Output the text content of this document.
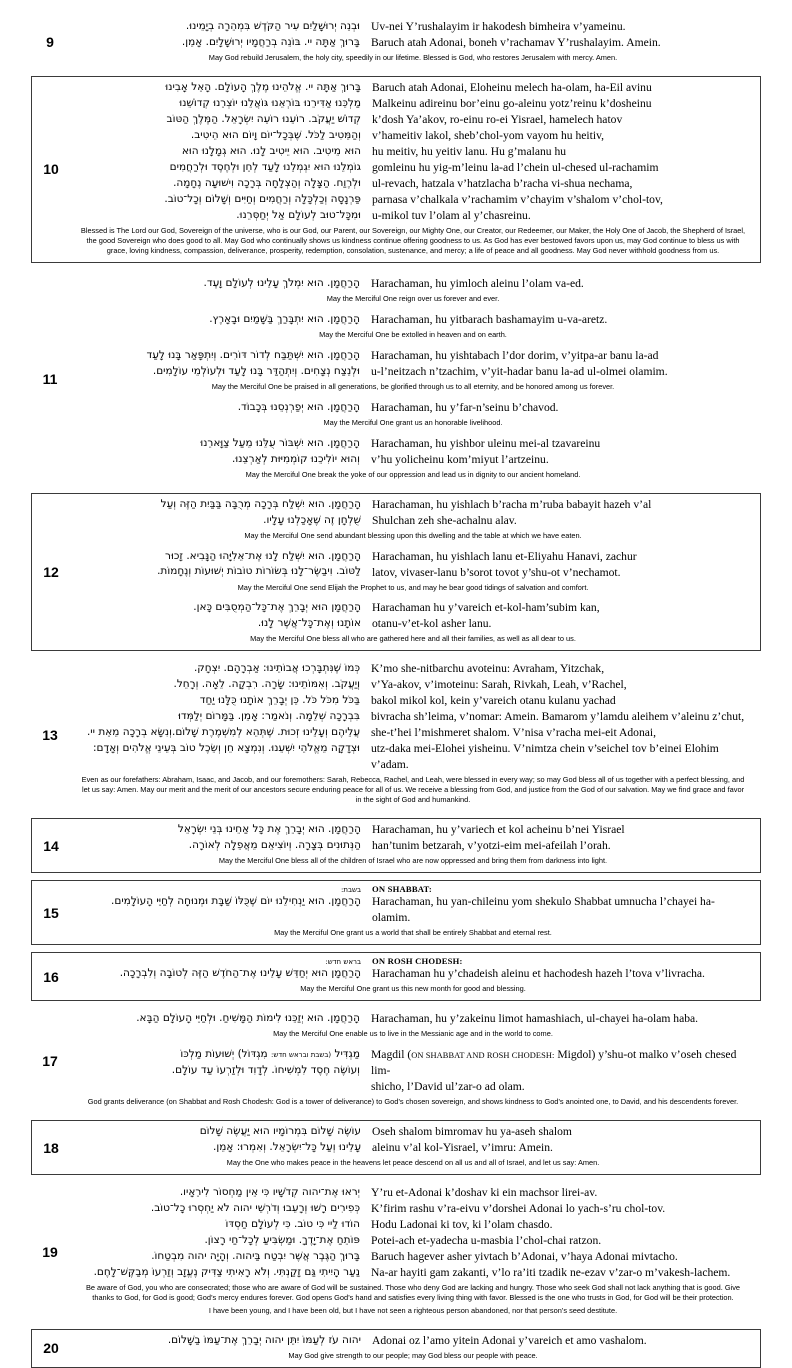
9
וּבְנֵה יְרוּשָׁלַיִם עִיר הַקֹּדֶשׁ בִּמְהֵרָה בְיָמֵינוּ.
בָּרוּךְ אַתָּה יי. בּוֹנֵה בְרַחֲמָיו יְרוּשָׁלָיִם. אָמֵן.
Uv-nei Y’rushalayim ir hakodesh bimheira v’yameinu.
Baruch atah Adonai, boneh v’rachamav Y’rushalayim. Amein.
May God rebuild Jerusalem, the holy city, speedily in our lifetime. Blessed is God, who restores Jerusalem with mercy. Amen.
10
בָּרוּךְ אַתָּה יי. אֱלֹהֵינוּ מֶלֶךְ הָעוֹלָם. הָאֵל אָבִינוּ
מַלְכֵּנוּ אַדִּירֵנוּ בּוֹרְאֵנוּ גּוֹאֲלֵנוּ יוֹצְרֵנוּ קְדוֹשֵׁנוּ
קְדוֹשׁ יַעֲקֹב. רוֹעֵנוּ רוֹעֵה יִשְׂרָאֵל. הַמֶּלֶךְ הַטּוֹב
וְהַמֵּטִיב לַכֹּל. שֶׁבְּכָל־יוֹם וָיוֹם הוּא הֵיטִיב.
הוּא מֵיטִיב. הוּא יֵיטִיב לָנוּ. הוּא גְמָלָנוּ הוּא
גוֹמְלֵנוּ הוּא יִגְמְלֵנוּ לָעַד לְחֵן וּלְחֶסֶד וּלְרַחֲמִים
וּלְרֶוַח. הַצָּלָה וְהַצְלָחָה בְּרָכָה וִישׁוּעָה נֶחָמָה.
פַּרְנָסָה וְכַלְכָּלָה וְרַחֲמִים וְחַיִּים וְשָׁלוֹם וְכָל־טוֹב.
וּמִכָּל־טוּב לְעוֹלָם אַל יְחַסְּרֵנוּ.
Baruch atah Adonai, Eloheinu melech ha-olam, ha-Eil avinu
Malkeinu adireinu bor’einu go-aleinu yotz’reinu k’dosheinu
k’dosh Ya’akov, ro-einu ro-ei Yisrael, hamelech hatov
v’hameitiv lakol, sheb’chol-yom vayom hu heitiv,
hu meitiv, hu yeitiv lanu. Hu g’malanu hu
gomleinu hu yig-m’leinu la-ad l’chein ul-chesed ul-rachamim
ul-revach, hatzala v’hatzlacha b’racha vi-shua nechama,
parnasa v’chalkala v’rachamim v’chayim v’shalom v’chol-tov,
u-mikol tuv l’olam al y’chasreinu.
Blessed is The Lord our God, Sovereign of the universe, who is our God, our Parent, our Sovereign, our Mighty One, our Creator, our Redeemer, our Maker, the Holy One of Jacob, the Shepherd of Israel, the good Sovereign who does good to all. May God who continually shows us kindness continue offering goodness to us. As God has ever bestowed favors upon us, may God continue to bless us with grace, loving kindness, compassion, deliverance, prosperity, redemption, consolation, sustenance, and mercy; a life of peace and all goodness. May God never withhold goodness from us.
11
הָרַחֲמָן. הוּא יִמְלֹךְ עָלֵינוּ לְעוֹלָם וָעֶד. Harachaman, hu yimloch aleinu l’olam va-ed.
May the Merciful One reign over us forever and ever.
הָרַחֲמָן. הוּא יִתְבָּרַךְ בַּשָּׁמַיִם וּבָאָרֶץ. Harachaman, hu yitbarach bashamayim u-va-aretz.
May the Merciful One be extolled in heaven and on earth.
הָרַחֲמָן. הוּא יִשְׁתַּבַּח לְדוֹר דּוֹרִים. וְיִתְפָּאַר בָּנוּ לָעַד
וּלְנֵצַח נְצָחִים. וְיִתְהַדַּר בָּנוּ לָעַד וּלְעוֹלְמֵי עוֹלָמִים.
Harachaman, hu yishtabach l’dor dorim, v’yitpa-ar banu la-ad
u-l’neitzach n’tzachim, v’yit-hadar banu la-ad ul-olmei olamim.
May the Merciful One be praised in all generations, be glorified through us to all eternity, and be honored among us forever.
הָרַחֲמָן. הוּא יְפַרְנְסֵנוּ בְּכָבוֹד. Harachaman, hu y’far-n’seinu b’chavod.
May the Merciful One grant us an honorable livelihood.
הָרַחֲמָן. הוּא יִשְׁבּוֹר עֻלֵּנוּ מֵעַל צַוָּארֵנוּ
וְהוּא יוֹלִיכֵנוּ קוֹמְמִיּוּת לְאַרְצֵנוּ.
Harachaman, hu yishbor uleinu mei-al tzavareinu
v’hu yolicheinu kom’miyut l’artzeinu.
May the Merciful One break the yoke of our oppression and lead us in dignity to our ancient homeland.
12
הָרַחֲמָן. הוּא יִשְׁלַח בְּרָכָה מְרֻבָּה בַּבַּיִת הַזֶּה וְעַל
שֻׁלְחָן זֶה שֶׁאָכַלְנוּ עָלָיו.
Harachaman, hu yishlach b’racha m’ruba babayit hazeh v’al
Shulchan zeh she-achalnu alav.
May the Merciful One send abundant blessing upon this dwelling and the table at which we have eaten.
הָרַחֲמָן. הוּא יִשְׁלַח לָנוּ אֶת־אֵלִיָּהוּ הַנָּבִיא. זָכוּר
לַטּוֹב. וִיבַשֶּׂר־לָנוּ בְּשׂוֹרוֹת טוֹבוֹת יְשׁוּעוֹת וְנֶחָמוֹת.
Harachaman, hu yishlach lanu et-Eliyahu Hanavi, zachur
latov, vivaser-lanu b’sorot tovot y’shu-ot v’nechamot.
May the Merciful One send Elijah the Prophet to us, and may he bear good tidings of salvation and comfort.
הָרַחֲמָן הוּא יְבָרֵךְ אֶת־כָּל־הַמְסֻבִּים כָּאן.
אוֹתָנוּ וְאֶת־כָּל־אֲשֶׁר לָנוּ.
Harachaman hu y’vareich et-kol-ham’subim kan,
otanu-v’et-kol asher lanu.
May the Merciful One bless all who are gathered here and all their families, as well as all dear to us.
13
כְּמוֹ שֶׁנִּתְבָּרְכוּ אֲבוֹתֵינוּ: אַבְרָהָם. יִצְחָק.
וְיַעֲקֹב. וְאִמּוֹתֵינוּ: שָׂרָה. רִבְקָה. לֵאָה. וְרָחֵל.
בַּכֹּל מִכֹּל כֹּל. כֵּן יְבָרֵךְ אוֹתָנוּ כֻּלָּנוּ יַחַד
בִּבְרָכָה שְׁלֵמָה. וְנֹאמַר: אָמֵן. בַּמָּרוֹם יְלַמְּדוּ
עֲלֵיהֶם וְעָלֵינוּ זְכוּת. שֶׁתְּהֵא לְמִשְׁמֶרֶת שָׁלוֹם.וְנִשָּׂא בְרָכָה מֵאֵת יי.
וּצְדָקָה מֵאֱלֹהֵי יִשְׁעֵנוּ. וְנִמְצָא חֵן וְשֵׂכֶל טוֹב בְּעֵינֵי אֱלֹהִים וְאָדָם:
K’mo she-nitbarchu avoteinu: Avraham, Yitzchak,
v’Ya-akov, v’imoteinu: Sarah, Rivkah, Leah, v’Rachel,
bakol mikol kol, kein y’vareich otanu kulanu yachad
bivracha sh’leima, v’nomar: Amein. Bamarom y’lamdu aleihem v’aleinu z’chut,
she-t’hei l’mishmeret shalom. V’nisa v’racha mei-eit Adonai,
utz-daka mei-Elohei yisheinu. V’nimtza chein v’seichel tov b’einei Elohim
v’adam.
Even as our forefathers: Abraham, Isaac, and Jacob, and our foremothers: Sarah, Rebecca, Rachel, and Leah, were blessed in every way; so may God bless all of us together with a perfect blessing, and let us say: Amen. May our merit and the merit of our ancestors secure enduring peace for all of us. We receive a blessing from God, and justice from the God of our salvation. May we find grace and favor in the sight of God and humankind.
14
הָרַחֲמָן. הוּא יְבָרֵךְ אֶת כָּל אַחֵינוּ בְּנֵי יִשְׂרָאֵל
הַנְּתוּנִים בְּצָרָה. וְיוֹצִיאֵם מֵאֲפֵלָה לְאוֹרָה.
Harachaman, hu y’variech et kol acheinu b’nei Yisrael
han’tunim betzarah, v’yotzi-eim mei-afeilah l’orah.
May the Merciful One bless all of the children of Israel who are now oppressed and bring them from darkness into light.
15
בשבת:	ON SHABBAT:
הָרַחֲמָן. הוּא יַנְחִילֵנוּ יוֹם שֶׁכֻּלּוֹ שַׁבָּת וּמְנוּחָה לְחַיֵּי הָעוֹלָמִים. Harachaman, hu yan-chileinu yom shekulo Shabbat umnucha l’chayei ha-
olamim.
May the Merciful One grant us a world that shall be entirely Shabbat and eternal rest.
16
בראש חדש:	ON ROSH CHODESH:
הָרַחֲמָן הוּא יְחַדֵּשׁ עָלֵינוּ אֶת־הַחֹדֶשׁ הַזֶּה לְטוֹבָה וְלִבְרָכָה. Harachaman hu y’chadeish aleinu et hachodesh hazeh l’tova v’livracha.
May the Merciful One grant us this new month for good and blessing.
17
הָרַחֲמָן. הוּא יְזַכֵּנוּ לִימוֹת הַמָּשִׁיחַ. וּלְחַיֵּי הָעוֹלָם הַבָּא. Harachaman, hu y’zakeinu limot hamashiach, ul-chayei ha-olam haba.
May the Merciful One enable us to live in the Messianic age and in the world to come.
מַגְדִּיל (בשבת ובראש חדש: מִגְדּוֹל) יְשׁוּעוֹת מַלְכּוֹ
וְעוֹשֶׂה חֶסֶד לִמְשִׁיחוֹ. לְדָוִד וּלְזַרְעוֹ עַד עוֹלָם.
Magdil (ON SHABBAT AND ROSH CHODESH: Migdol) y’shu-ot malko v’oseh chesed lim-
shicho, l’David ul’zar-o ad olam.
God grants deliverance (on Shabbat and Rosh Chodesh: God is a tower of deliverance) to God’s chosen sovereign, and shows kindness to God’s anointed one, to David, and his descendents forever.
18
עוֹשֶׂה שָׁלוֹם בִּמְרוֹמָיו הוּא יַעֲשֶׂה שָׁלוֹם
עָלֵינוּ וְעַל כָּל־יִשְׂרָאֵל. וְאִמְרוּ: אָמֵן.
Oseh shalom bimromav hu ya-aseh shalom
aleinu v’al kol-Yisrael, v’imru: Amein.
May the One who makes peace in the heavens let peace descend on all us and all of Israel, and let us say: Amen.
19
יְראוּ אֶת־יהוה קְדֹשָׁיו כִּי אֵין מַחְסוֹר לִירֵאָיו.
כְּפִירִים רָשׁוּ וְרָעֵבוּ וְדֹרְשֵׁי יהוה לֹא יַחְסְרוּ כָל־טוֹב.
הוֹדוּ לַיי כִּי טוֹב. כִּי לְעוֹלָם חַסְדּוֹ
פּוֹתֵחַ אֶת־יָדֶךָ. וּמַשְׂבִּיעַ לְכָל־חַי רָצוֹן.
בָּרוּךְ הַגֶּבֶר אֲשֶׁר יִבְטַח בַּיהוה. וְהָיָה יהוה מִבְטַחוֹ.
נַעַר הָיִיתִי גַּם זָקַנְתִּי. וְלֹא רָאִיתִי צַדִּיק נֶעֱזָב וְזַרְעוֹ מְבַקֶּשׁ־לָחֶם.
Y’ru et-Adonai k’doshav ki ein machsor lirei-av.
K’firim rashu v’ra-eivu v’dorshei Adonai lo yach-s’ru chol-tov.
Hodu Ladonai ki tov, ki l’olam chasdo.
Potei-ach et-yadecha u-masbia l’chol-chai ratzon.
Baruch hagever asher yivtach b’Adonai, v’haya Adonai mivtacho.
Na-ar hayiti gam zakanti, v’lo ra’iti tzadik ne-ezav v’zar-o m’vakesh-lachem.
Be aware of God, you who are consecrated; those who are aware of God will be sustained. Those who deny God are lacking and hungry. Those who seek God shall not lack anything that is good. Give thanks to God, for God is good; God’s mercy endures forever. God opens God’s hand and satisfies every living thing with favor. Blessed is the one who trusts in God, for God will be their protection.
I have been young, and I have been old, but I have not seen a righteous person abandoned, nor that person’s seed destitute.
20
יהוה עֹז לְעַמּוֹ יִתֵּן יהוה יְבָרֵךְ אֶת־עַמּוֹ בַשָּׁלוֹם. Adonai oz l’amo yitein Adonai y’vareich et amo vashalom.
May God give strength to our people; may God bless our people with peace.
